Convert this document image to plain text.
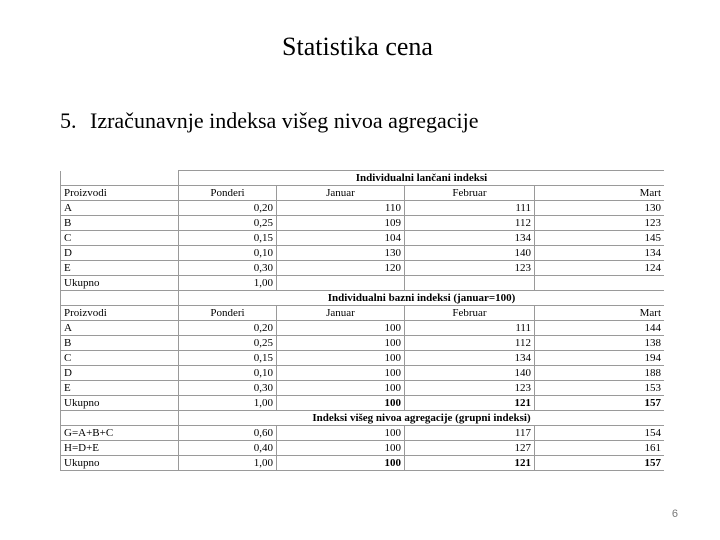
Statistika cena
5. Izračunavnje indeksa višeg nivoa agregacije
	Individualni lančani indeksi			
Proizvodi	Ponderi	Januar	Februar	Mart
A	0,20	110	111	130
B	0,25	109	112	123
C	0,15	104	134	145
D	0,10	130	140	134
E	0,30	120	123	124
Ukupno	1,00			
	Individualni bazni indeksi (januar=100)			
Proizvodi	Ponderi	Januar	Februar	Mart
A	0,20	100	111	144
B	0,25	100	112	138
C	0,15	100	134	194
D	0,10	100	140	188
E	0,30	100	123	153
Ukupno	1,00	100	121	157
	Indeksi višeg nivoa agregacije (grupni indeksi)			
G=A+B+C	0,60	100	117	154
H=D+E	0,40	100	127	161
Ukupno	1,00	100	121	157
6
